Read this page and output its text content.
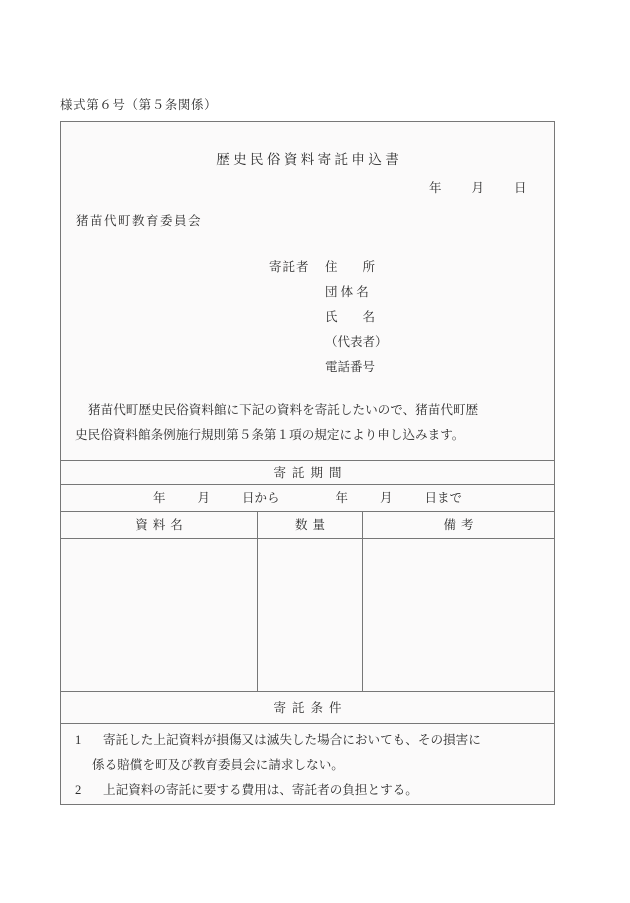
様式第６号（第５条関係）
歴史民俗資料寄託申込書
年 月 日
猪苗代町教育委員会
寄託者 住　　所
団 体 名
氏　　名
（代表者）
電話番号
猪苗代町歴史民俗資料館に下記の資料を寄託したいので、猪苗代町歴
史民俗資料館条例施行規則第５条第１項の規定により申し込みます。
寄託期間
年	月	日から	年	月	日まで
資料名	数量	備考
寄託条件
1 寄託した上記資料が損傷又は滅失した場合においても、その損害に
係る賠償を町及び教育委員会に請求しない。
2 上記資料の寄託に要する費用は、寄託者の負担とする。
